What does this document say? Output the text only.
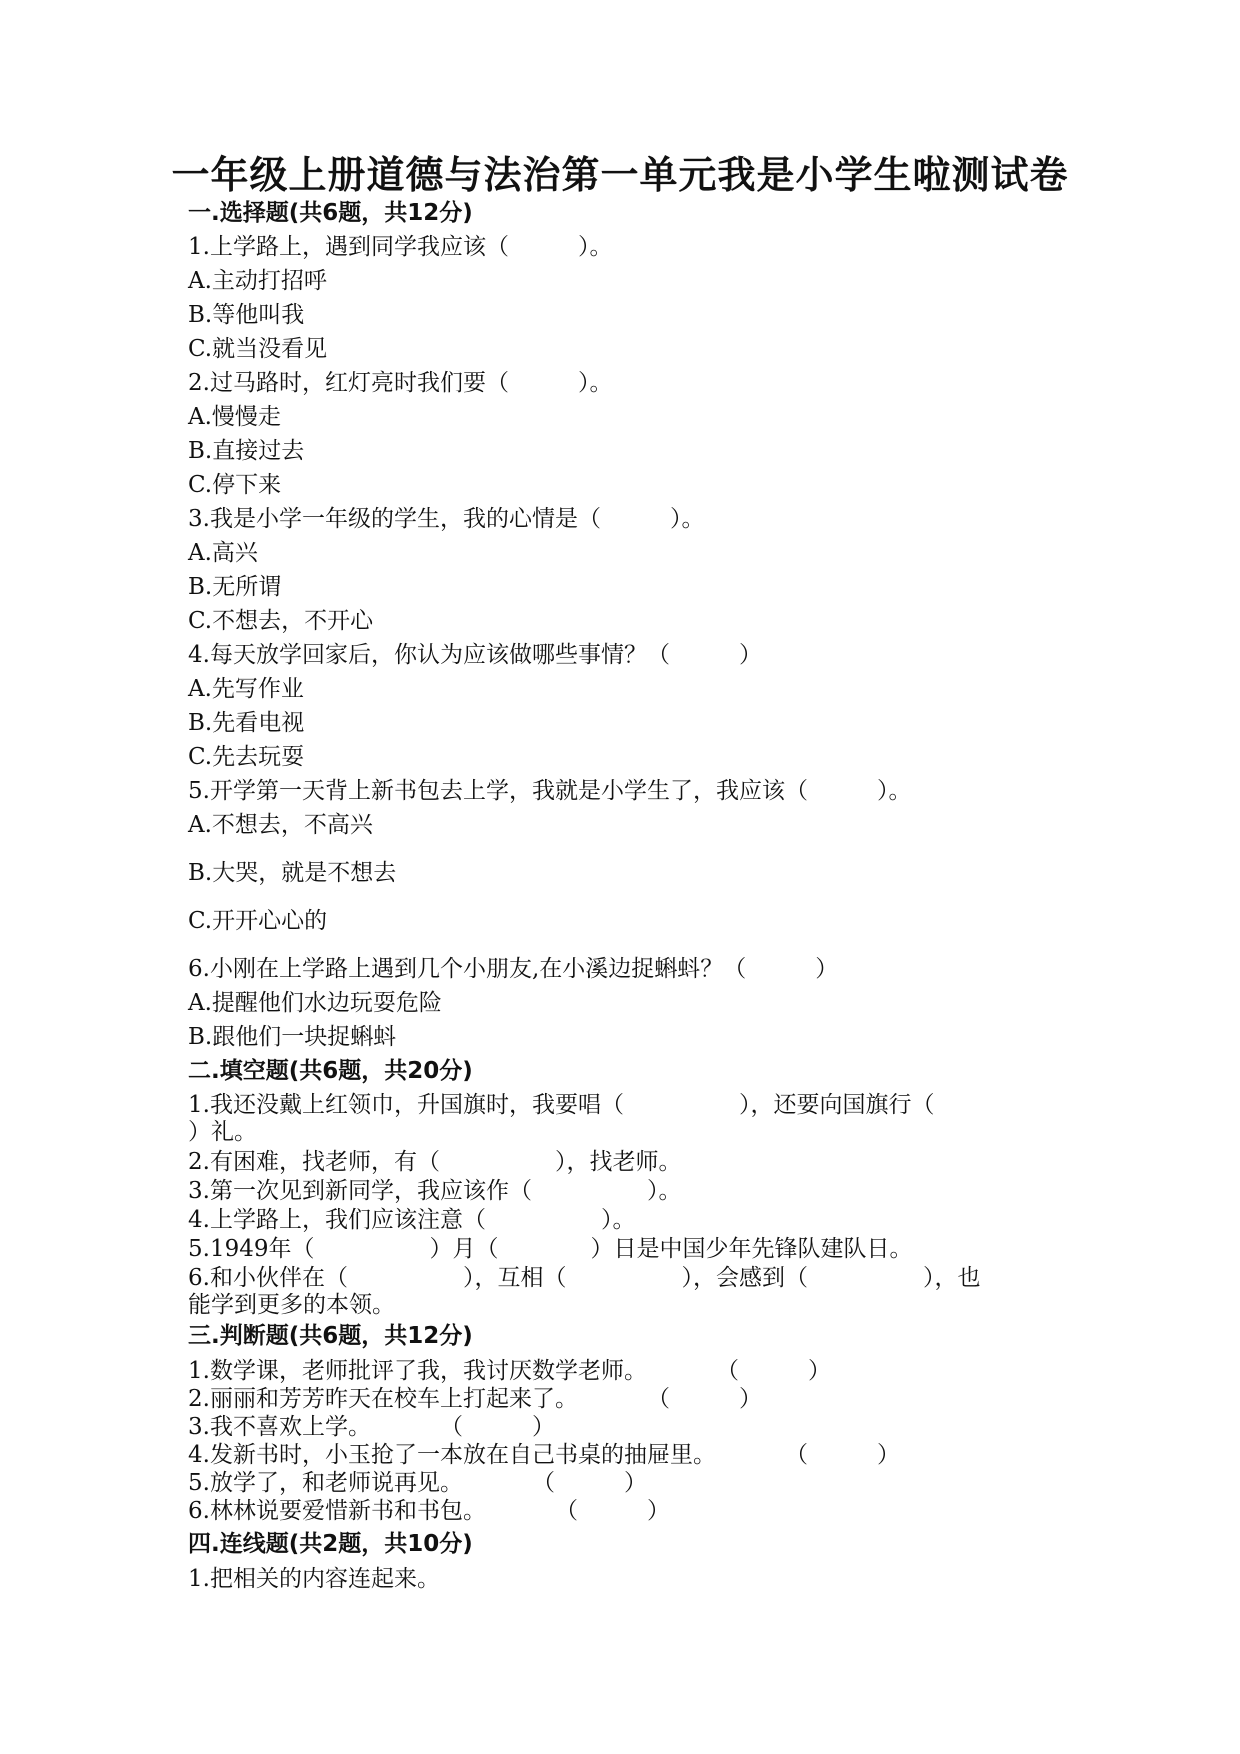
一年级上册道德与法治第一单元我是小学生啦测试卷
一.选择题(共6题，共12分)
1.上学路上，遇到同学我应该（　　　）。
A.主动打招呼
B.等他叫我
C.就当没看见
2.过马路时，红灯亮时我们要（　　　）。
A.慢慢走
B.直接过去
C.停下来
3.我是小学一年级的学生，我的心情是（　　　）。
A.高兴
B.无所谓
C.不想去，不开心
4.每天放学回家后，你认为应该做哪些事情？（　　　）
A.先写作业
B.先看电视
C.先去玩耍
5.开学第一天背上新书包去上学，我就是小学生了，我应该（　　　）。
A.不想去，不高兴
B.大哭，就是不想去
C.开开心心的
6.小刚在上学路上遇到几个小朋友,在小溪边捉蝌蚪？（　　　）
A.提醒他们水边玩耍危险
B.跟他们一块捉蝌蚪
二.填空题(共6题，共20分)
1.我还没戴上红领巾，升国旗时，我要唱（　　　　　），还要向国旗行（
）礼。
2.有困难，找老师，有（　　　　　），找老师。
3.第一次见到新同学，我应该作（　　　　　）。
4.上学路上，我们应该注意（　　　　　）。
5.1949年（　　　　　）月（　　　　）日是中国少年先锋队建队日。
6.和小伙伴在（　　　　　），互相（　　　　　），会感到（　　　　　），也
能学到更多的本领。
三.判断题(共6题，共12分)
1.数学课，老师批评了我，我讨厌数学老师。　　　　（　　　）
2.丽丽和芳芳昨天在校车上打起来了。　　　　（　　　）
3.我不喜欢上学。　　　　（　　　）
4.发新书时，小玉抢了一本放在自己书桌的抽屉里。　　　　（　　　）
5.放学了，和老师说再见。　　　　（　　　）
6.林林说要爱惜新书和书包。　　　　（　　　）
四.连线题(共2题，共10分)
1.把相关的内容连起来。
